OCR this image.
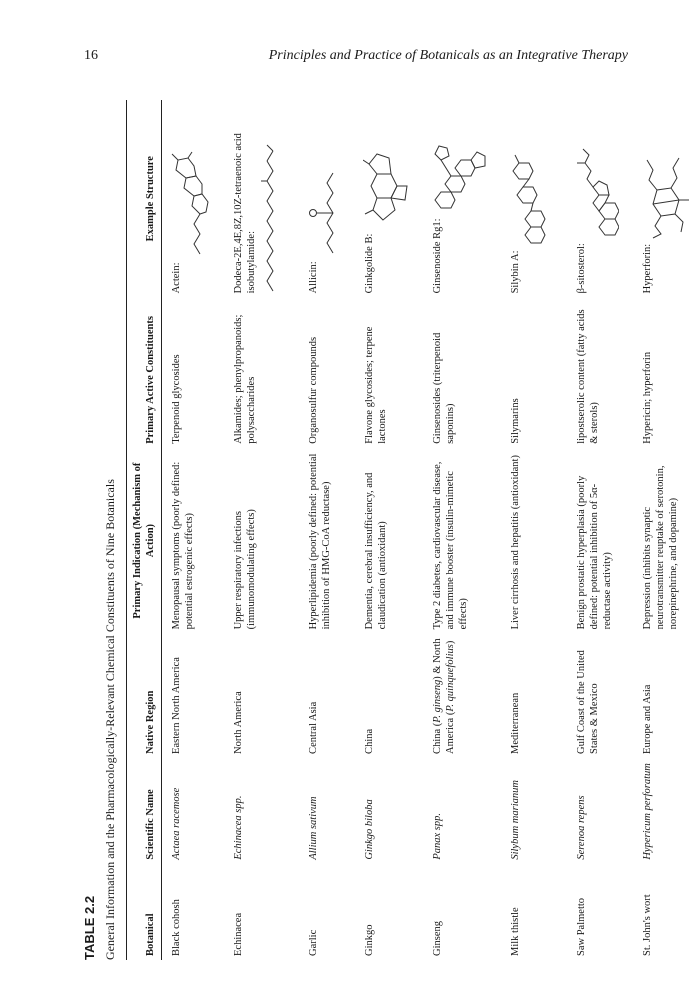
16	Principles and Practice of Botanicals as an Integrative Therapy
TABLE 2.2 General Information and the Pharmacologically-Relevant Chemical Constituents of Nine Botanicals	Botanical	Scientific Name	Native Region	Primary Indication (Mechanism of Action)	Primary Active Constituents	Example Structure
Black cohosh	Actaea racemose	Eastern North America	Menopausal symptoms (poorly defined: potential estrogenic effects)	Terpenoid glycosides	Actein:

Echinacea	Echinacea spp.	North America	Upper respiratory infections (immunomodulating effects)	Alkamides; phenylpropanoids; polysaccharides	Dodeca-2E,4E,8Z,10Z-tetraenoic acid isobutylamide:

Garlic	Allium sativum	Central Asia	Hyperlipidemia (poorly defined: potential inhibition of HMG-CoA reductase)	Organosulfur compounds	Allicin:

Ginkgo	Ginkgo biloba	China	Dementia, cerebral insufficiency, and claudication (antioxidant)	Flavone glycosides; terpene lactones	Ginkgolide B:

Ginseng	Panax spp.	China (P. ginseng) & North America (P. quinquefolius)	Type 2 diabetes, cardiovascular disease, and immune booster (insulin-mimetic effects)	Ginsenosides (triterpenoid saponins)	Ginsenoside Rg1:

Milk thistle	Silybum marianum	Mediterranean	Liver cirrhosis and hepatitis (antioxidant)	Silymarins	Silybin A:

Saw Palmetto	Serenoa repens	Gulf Coast of the United States & Mexico	Benign prostatic hyperplasia (poorly defined: potential inhibition of 5α-reductase activity)	lipostserolic content (fatty acids & sterols)	β-sitosterol:

St. John's wort	Hypericum perforatum	Europe and Asia	Depression (inhibits synaptic neurotransmitter reuptake of serotonin, norepinephrine, and dopamine)	Hypericin; hyperforin	Hyperforin:
